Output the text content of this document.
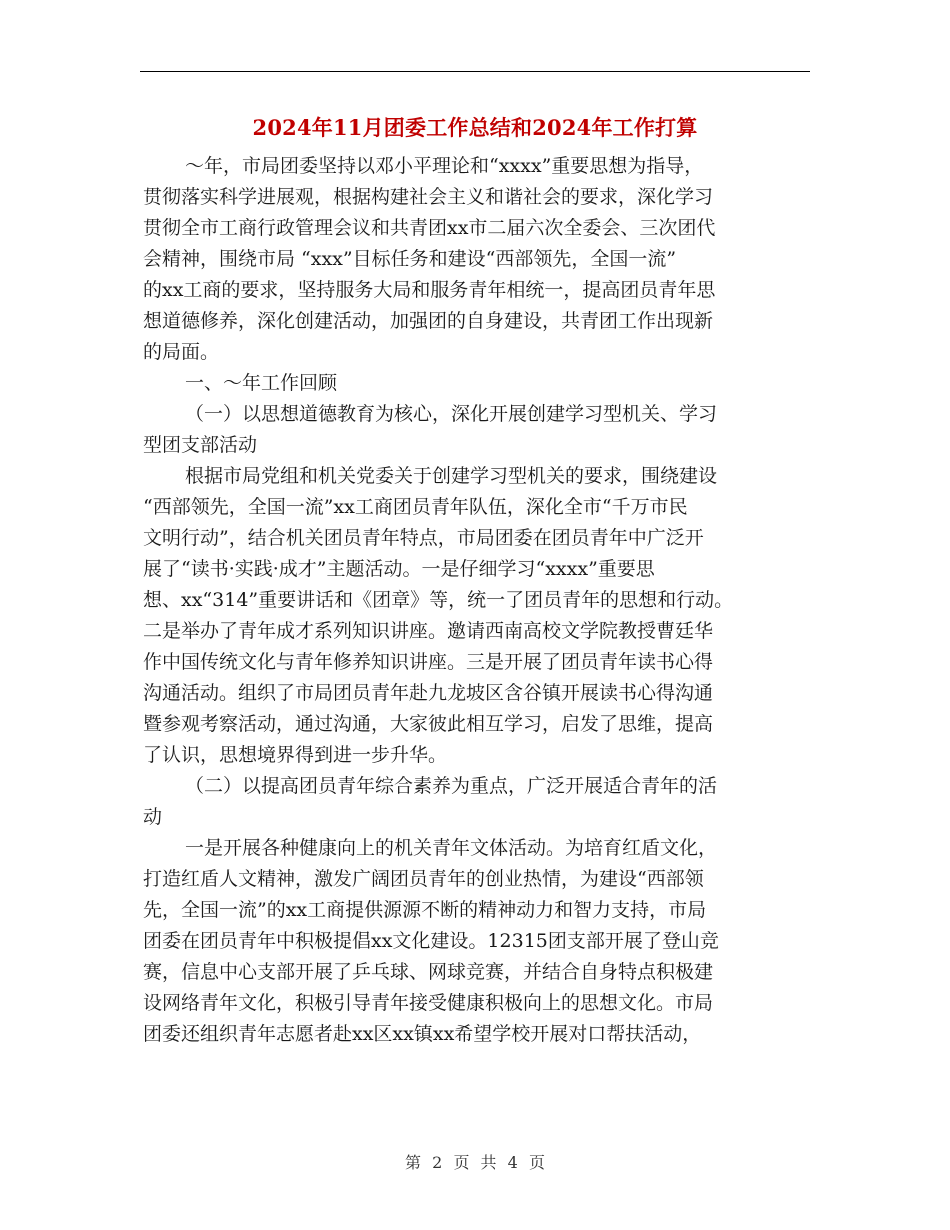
2024年11月团委工作总结和2024年工作打算

～年，市局团委坚持以邓小平理论和“xxxx”重要思想为指导，
贯彻落实科学进展观，根据构建社会主义和谐社会的要求，深化学习
贯彻全市工商行政管理会议和共青团xx市二届六次全委会、三次团代
会精神，围绕市局 “xxx”目标任务和建设“西部领先，全国一流”
的xx工商的要求，坚持服务大局和服务青年相统一，提高团员青年思
想道德修养，深化创建活动，加强团的自身建设，共青团工作出现新
的局面。

一、～年工作回顾

（一）以思想道德教育为核心，深化开展创建学习型机关、学习
型团支部活动

根据市局党组和机关党委关于创建学习型机关的要求，围绕建设
“西部领先，全国一流”xx工商团员青年队伍，深化全市“千万市民
文明行动”，结合机关团员青年特点，市局团委在团员青年中广泛开
展了“读书·实践·成才”主题活动。一是仔细学习“xxxx”重要思
想、xx“314”重要讲话和《团章》等，统一了团员青年的思想和行动。
二是举办了青年成才系列知识讲座。邀请西南高校文学院教授曹廷华
作中国传统文化与青年修养知识讲座。三是开展了团员青年读书心得
沟通活动。组织了市局团员青年赴九龙坡区含谷镇开展读书心得沟通
暨参观考察活动，通过沟通，大家彼此相互学习，启发了思维，提高
了认识，思想境界得到进一步升华。

（二）以提高团员青年综合素养为重点，广泛开展适合青年的活
动

一是开展各种健康向上的机关青年文体活动。为培育红盾文化，
打造红盾人文精神，激发广阔团员青年的创业热情，为建设“西部领
先，全国一流”的xx工商提供源源不断的精神动力和智力支持，市局
团委在团员青年中积极提倡xx文化建设。12315团支部开展了登山竞
赛，信息中心支部开展了乒乓球、网球竞赛，并结合自身特点积极建
设网络青年文化，积极引导青年接受健康积极向上的思想文化。市局
团委还组织青年志愿者赴xx区xx镇xx希望学校开展对口帮扶活动，

第 2 页 共 4 页
